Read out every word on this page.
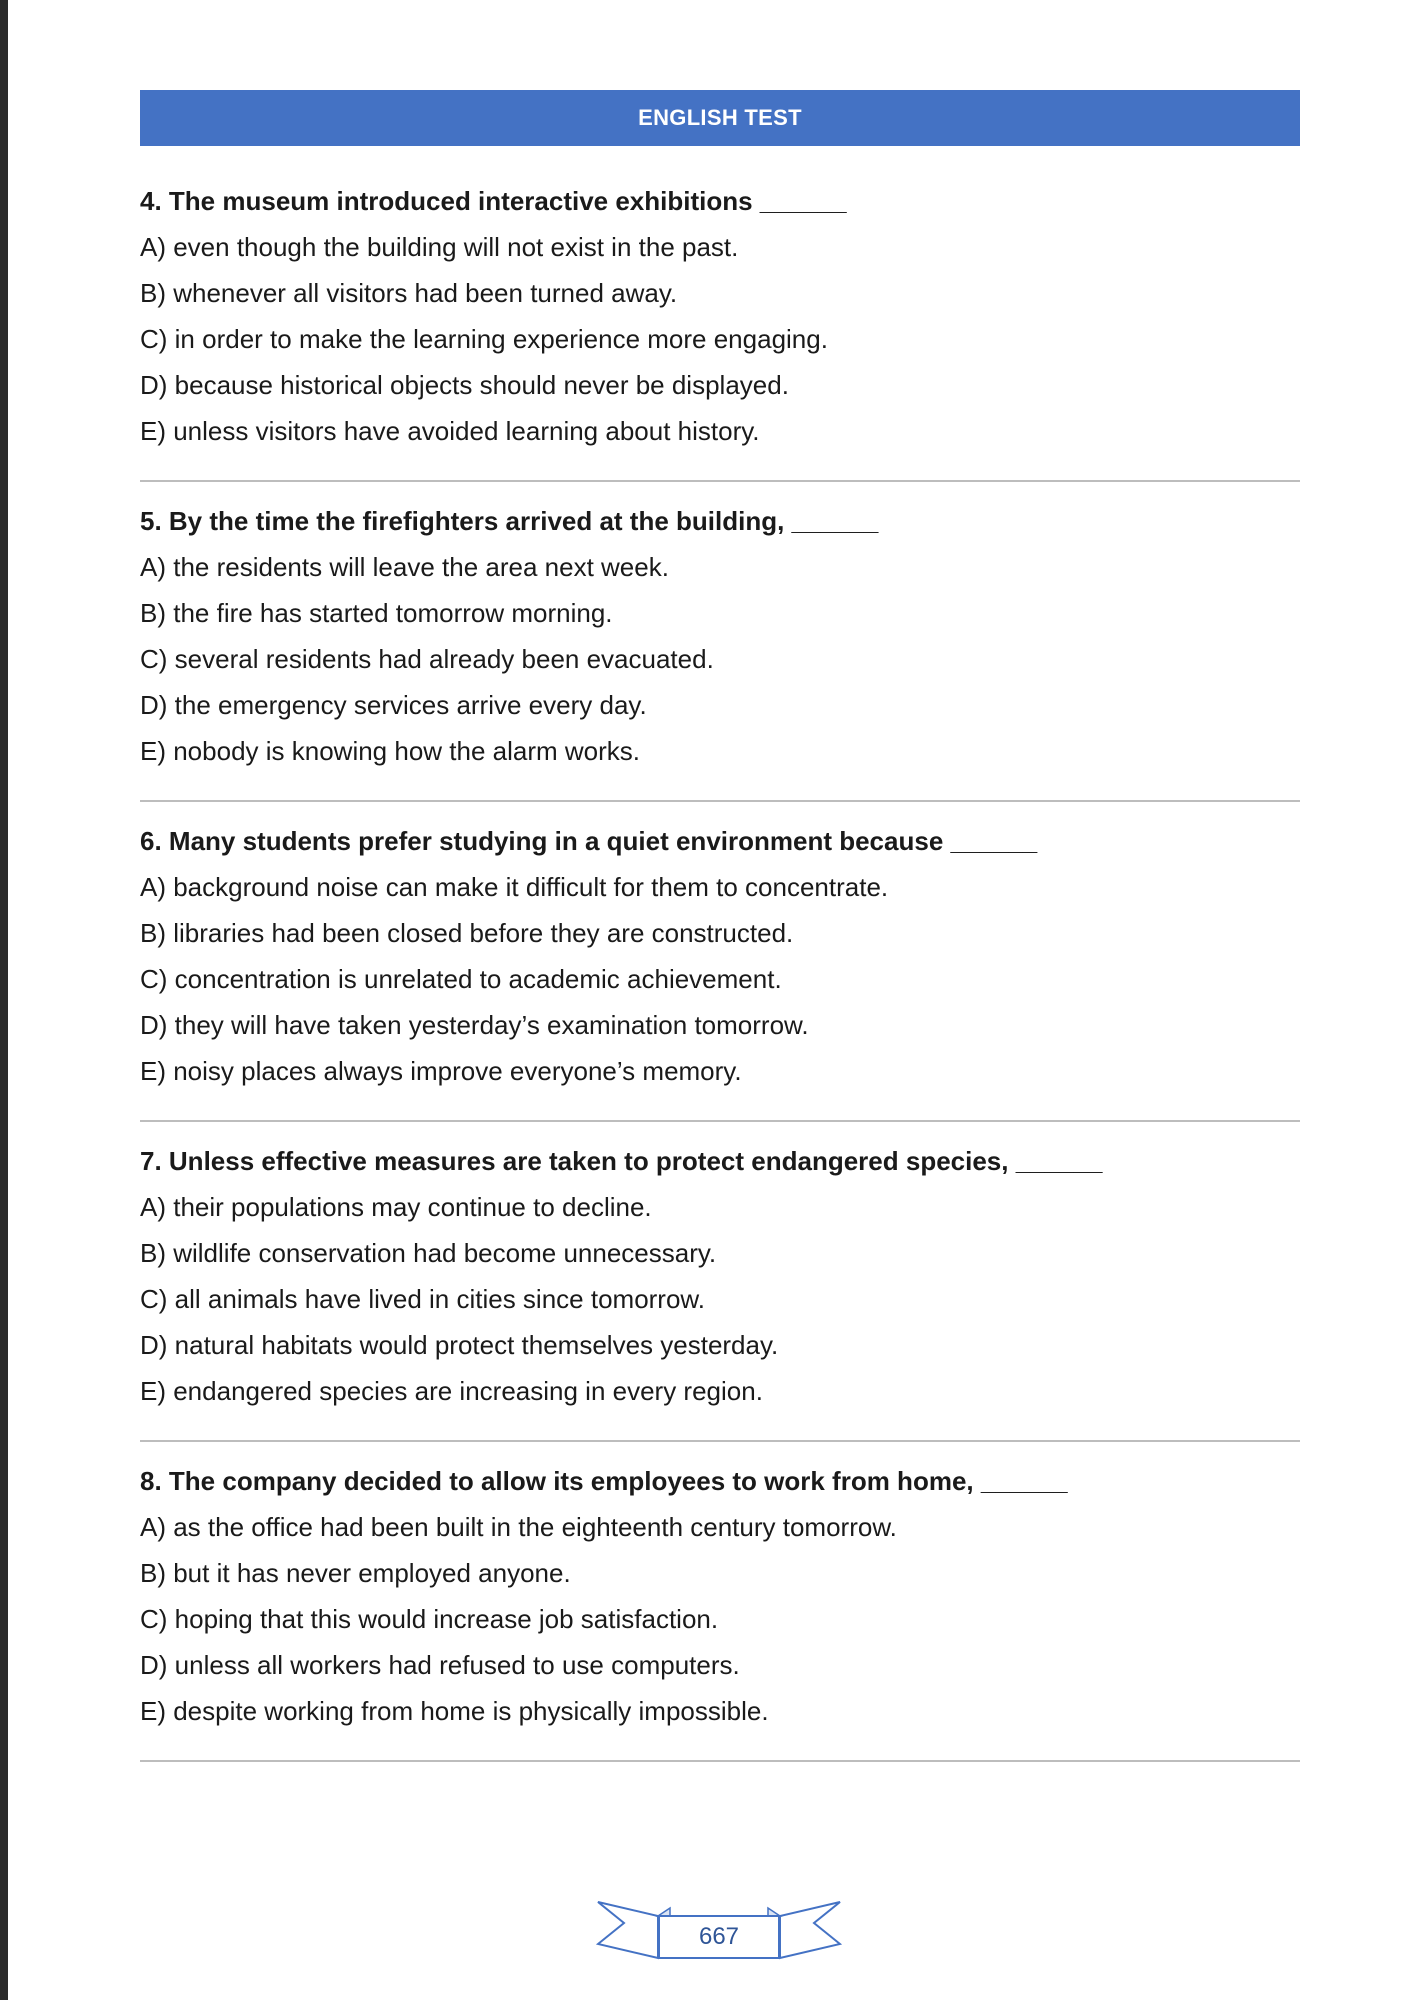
ENGLISH TEST
4. The museum introduced interactive exhibitions ______
A) even though the building will not exist in the past.
B) whenever all visitors had been turned away.
C) in order to make the learning experience more engaging.
D) because historical objects should never be displayed.
E) unless visitors have avoided learning about history.
5. By the time the firefighters arrived at the building, ______
A) the residents will leave the area next week.
B) the fire has started tomorrow morning.
C) several residents had already been evacuated.
D) the emergency services arrive every day.
E) nobody is knowing how the alarm works.
6. Many students prefer studying in a quiet environment because ______
A) background noise can make it difficult for them to concentrate.
B) libraries had been closed before they are constructed.
C) concentration is unrelated to academic achievement.
D) they will have taken yesterday’s examination tomorrow.
E) noisy places always improve everyone’s memory.
7. Unless effective measures are taken to protect endangered species, ______
A) their populations may continue to decline.
B) wildlife conservation had become unnecessary.
C) all animals have lived in cities since tomorrow.
D) natural habitats would protect themselves yesterday.
E) endangered species are increasing in every region.
8. The company decided to allow its employees to work from home, ______
A) as the office had been built in the eighteenth century tomorrow.
B) but it has never employed anyone.
C) hoping that this would increase job satisfaction.
D) unless all workers had refused to use computers.
E) despite working from home is physically impossible.
667
